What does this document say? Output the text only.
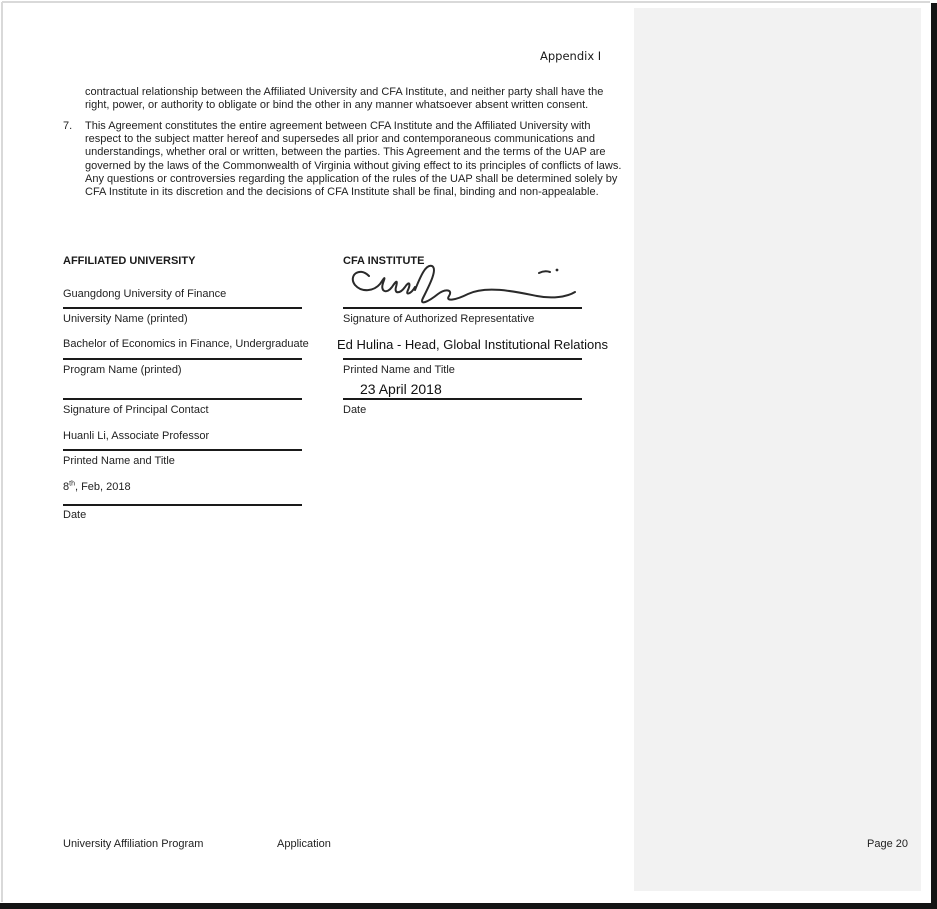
Appendix I
contractual relationship between the Affiliated University and CFA Institute, and neither party shall have the right, power, or authority to obligate or bind the other in any manner whatsoever absent written consent.
7. This Agreement constitutes the entire agreement between CFA Institute and the Affiliated University with respect to the subject matter hereof and supersedes all prior and contemporaneous communications and understandings, whether oral or written, between the parties. This Agreement and the terms of the UAP are governed by the laws of the Commonwealth of Virginia without giving effect to its principles of conflicts of laws.  Any questions or controversies regarding the application of the rules of the UAP shall be determined solely by CFA Institute in its discretion and the decisions of CFA Institute shall be final, binding and non-appealable.
AFFILIATED UNIVERSITY
Guangdong University of Finance
University Name (printed)
Bachelor of Economics in Finance, Undergraduate
Program Name (printed)
Signature of Principal Contact
Huanli Li, Associate Professor
Printed Name and Title
8th, Feb, 2018
Date
CFA INSTITUTE
Signature of Authorized Representative
Ed Hulina - Head, Global Institutional Relations
Printed Name and Title
23 April 2018
Date
University Affiliation Program	Application	Page 20
